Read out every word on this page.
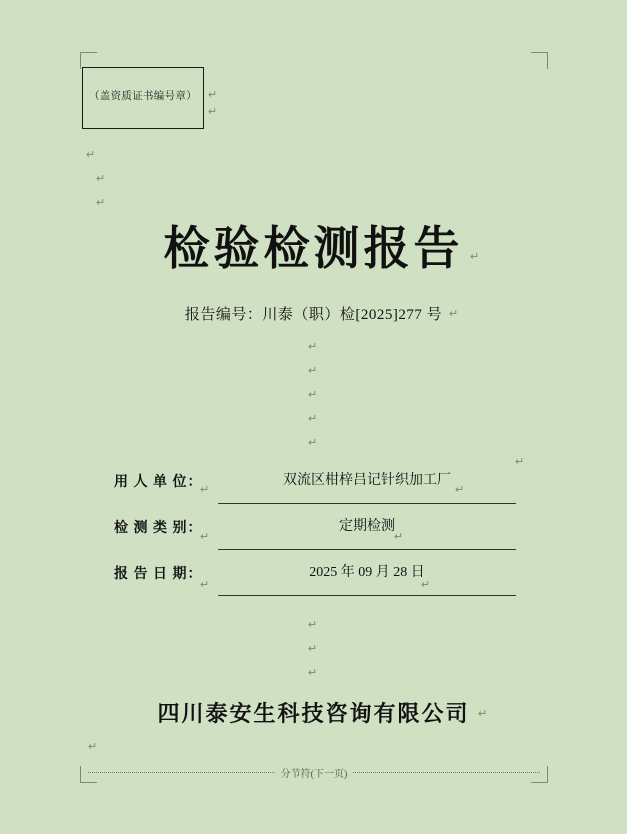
（盖资质证书编号章）	↵
↵
↵
↵
↵
检验检测报告 ↵
报告编号：川泰（职）检[2025]277 号 ↵
↵
↵
↵
↵
↵
↵
用 人 单 位：	双流区柑梓吕记针织加工厂
检 测 类 别：	定期检测
报 告 日 期：	2025 年 09 月 28 日
↵
↵
↵
↵
↵
↵
↵
↵
↵
四川泰安生科技咨询有限公司 ↵
↵
分节符(下一页)
